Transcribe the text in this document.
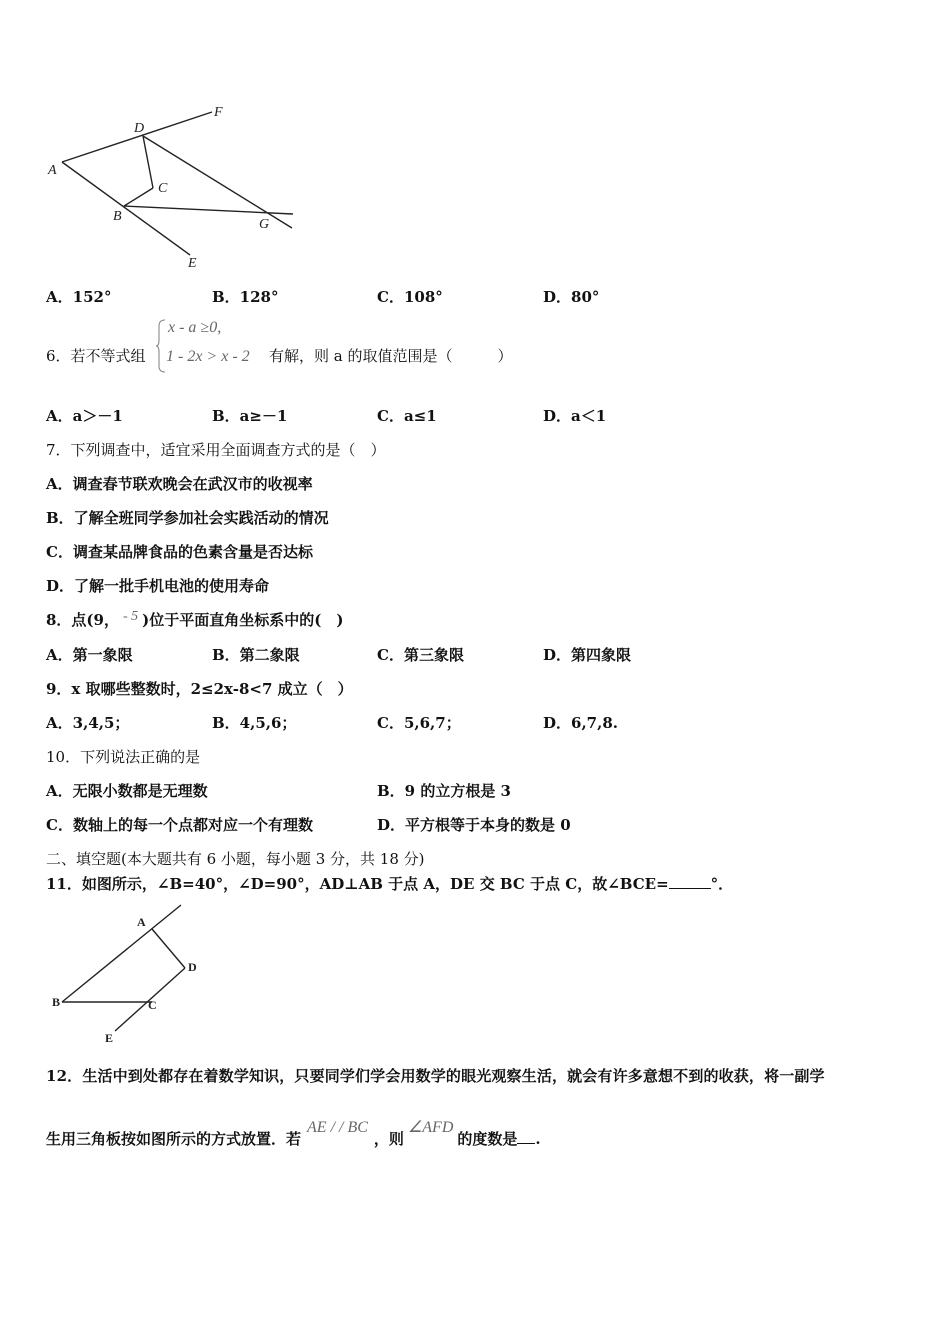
A
D
F
C
B
G
E
A．152°	B．128°	C．108°	D．80°
6．若不等式组
x - a ≥0,
1 - 2x > x - 2 有解，则 a 的取值范围是（　　　）
A．a＞－1	B．a≥－1	C．a≤1	D．a＜1
7．下列调查中，适宜采用全面调查方式的是（　）
A．调查春节联欢晚会在武汉市的收视率
B．了解全班同学参加社会实践活动的情况
C．调查某品牌食品的色素含量是否达标
D．了解一批手机电池的使用寿命
8．点(9， - 5 )位于平面直角坐标系中的(　)
A．第一象限	B．第二象限	C．第三象限	D．第四象限
9．x 取哪些整数时，2≤2x-8<7 成立（　）
A．3,4,5；	B．4,5,6；	C．5,6,7；	D．6,7,8.
10．下列说法正确的是
A．无限小数都是无理数	B．9 的立方根是 3
C．数轴上的每一个点都对应一个有理数	D．平方根等于本身的数是 0
二、填空题(本大题共有 6 小题，每小题 3 分，共 18 分)
11．如图所示，∠B=40°，∠D=90°，AD⊥AB 于点 A，DE 交 BC 于点 C，故∠BCE=	°．
A
D
B	C
E
12．生活中到处都存在着数学知识，只要同学们学会用数学的眼光观察生活，就会有许多意想不到的收获，将一副学
生用三角板按如图所示的方式放置．若AE / / BC，则∠AFD的度数是 .
